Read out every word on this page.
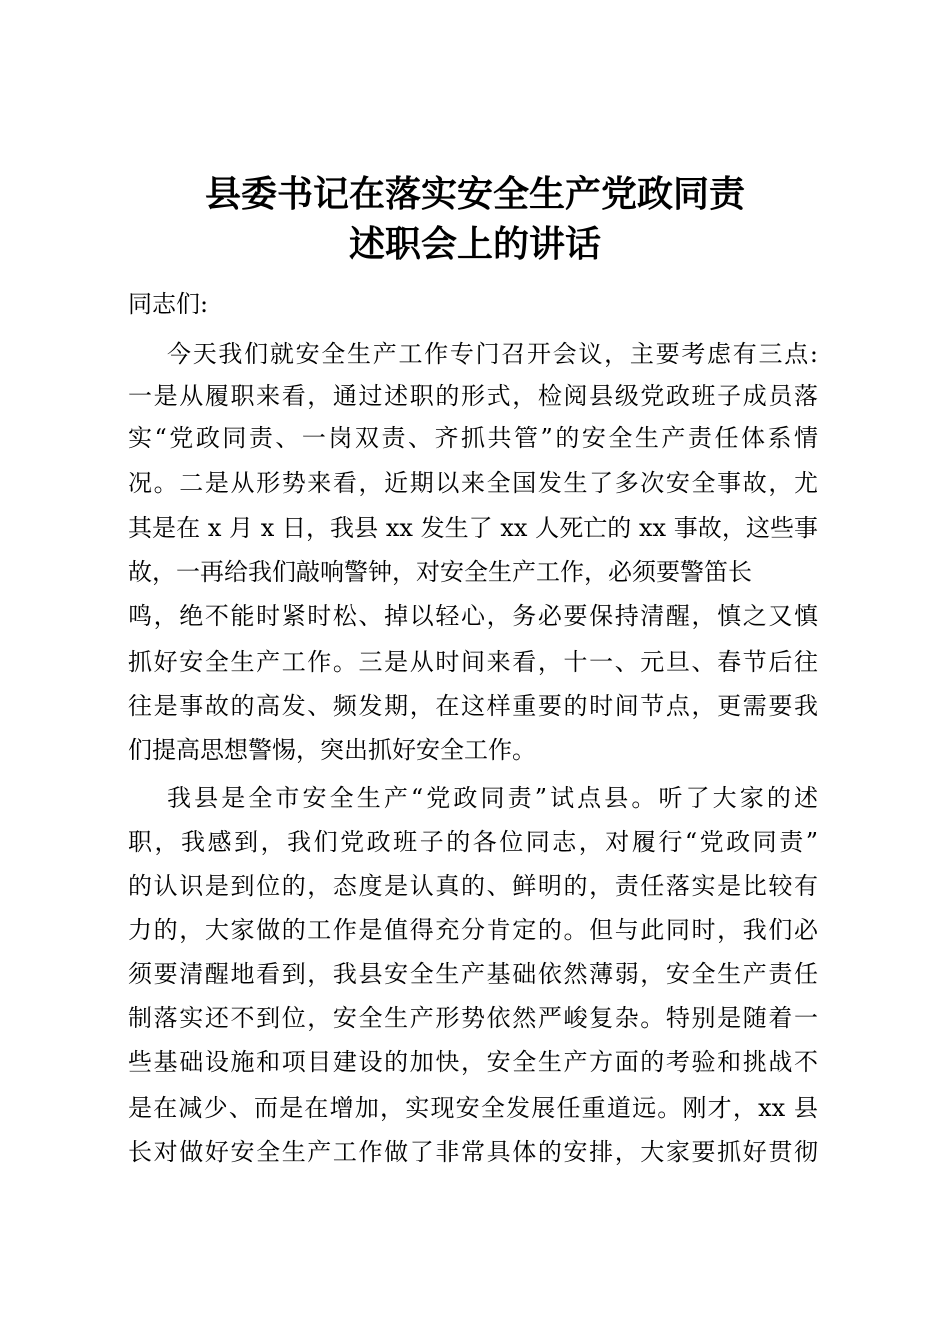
县委书记在落实安全生产党政同责
述职会上的讲话
同志们:
今天我们就安全生产工作专门召开会议，主要考虑有三点:
一是从履职来看，通过述职的形式，检阅县级党政班子成员落
实“党政同责、一岗双责、齐抓共管”的安全生产责任体系情
况。二是从形势来看，近期以来全国发生了多次安全事故，尤
其是在 x 月 x 日，我县 xx 发生了 xx 人死亡的 xx 事故，这些事
故，一再给我们敲响警钟，对安全生产工作，必须要警笛长
鸣，绝不能时紧时松、掉以轻心，务必要保持清醒，慎之又慎
抓好安全生产工作。三是从时间来看，十一、元旦、春节后往
往是事故的高发、频发期，在这样重要的时间节点，更需要我
们提高思想警惕，突出抓好安全工作。
我县是全市安全生产“党政同责”试点县。听了大家的述
职，我感到，我们党政班子的各位同志，对履行“党政同责”
的认识是到位的，态度是认真的、鲜明的，责任落实是比较有
力的，大家做的工作是值得充分肯定的。但与此同时，我们必
须要清醒地看到，我县安全生产基础依然薄弱，安全生产责任
制落实还不到位，安全生产形势依然严峻复杂。特别是随着一
些基础设施和项目建设的加快，安全生产方面的考验和挑战不
是在减少、而是在增加，实现安全发展任重道远。刚才，xx 县
长对做好安全生产工作做了非常具体的安排，大家要抓好贯彻
